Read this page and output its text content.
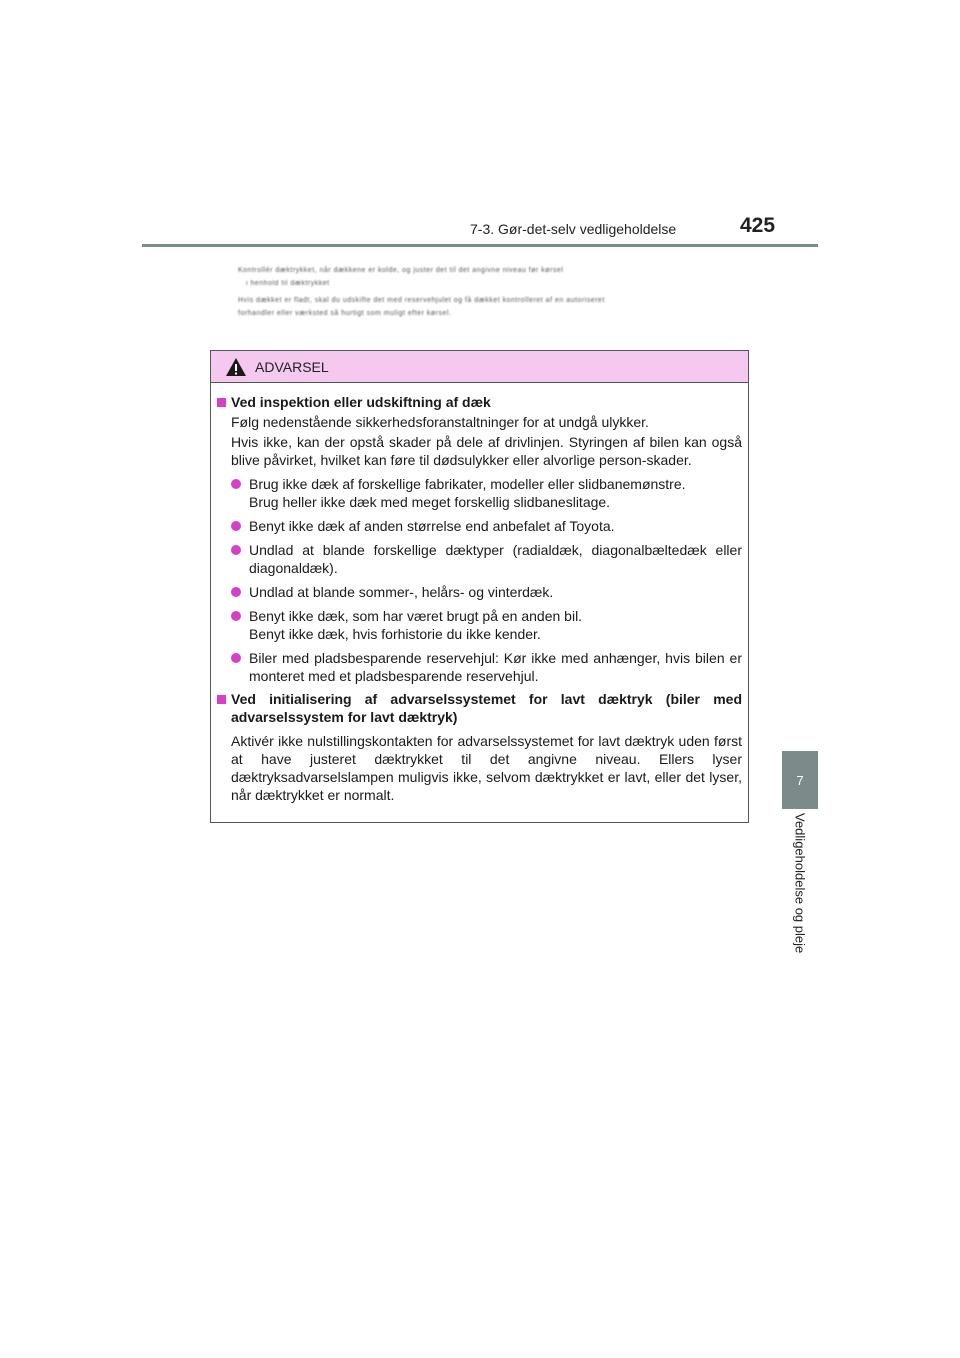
7-3. Gør-det-selv vedligeholdelse	425
Kontrollér dæktrykket, når dækkene er kolde, og juster det til det angivne niveau før kørsel
i henhold til dæktrykket
Hvis dækket er fladt, skal du udskifte det med reservehjulet og få dækket kontrolleret af en autoriseret
forhandler eller værksted så hurtigt som muligt efter kørsel.
ADVARSEL
Ved inspektion eller udskiftning af dæk
Følg nedenstående sikkerhedsforanstaltninger for at undgå ulykker.
Hvis ikke, kan der opstå skader på dele af drivlinjen. Styringen af bilen kan også blive påvirket, hvilket kan føre til dødsulykker eller alvorlige person-skader.
Brug ikke dæk af forskellige fabrikater, modeller eller slidbanemønstre.
Brug heller ikke dæk med meget forskellig slidbaneslitage.
Benyt ikke dæk af anden størrelse end anbefalet af Toyota.
Undlad at blande forskellige dæktyper (radialdæk, diagonalbæltedæk eller diagonaldæk).
Undlad at blande sommer-, helårs- og vinterdæk.
Benyt ikke dæk, som har været brugt på en anden bil.
Benyt ikke dæk, hvis forhistorie du ikke kender.
Biler med pladsbesparende reservehjul: Kør ikke med anhænger, hvis bilen er monteret med et pladsbesparende reservehjul.
Ved initialisering af advarselssystemet for lavt dæktryk (biler med advarselssystem for lavt dæktryk)
Aktivér ikke nulstillingskontakten for advarselssystemet for lavt dæktryk uden først at have justeret dæktrykket til det angivne niveau. Ellers lyser dæktryksadvarselslampen muligvis ikke, selvom dæktrykket er lavt, eller det lyser, når dæktrykket er normalt.
7
Vedligeholdelse og pleje
